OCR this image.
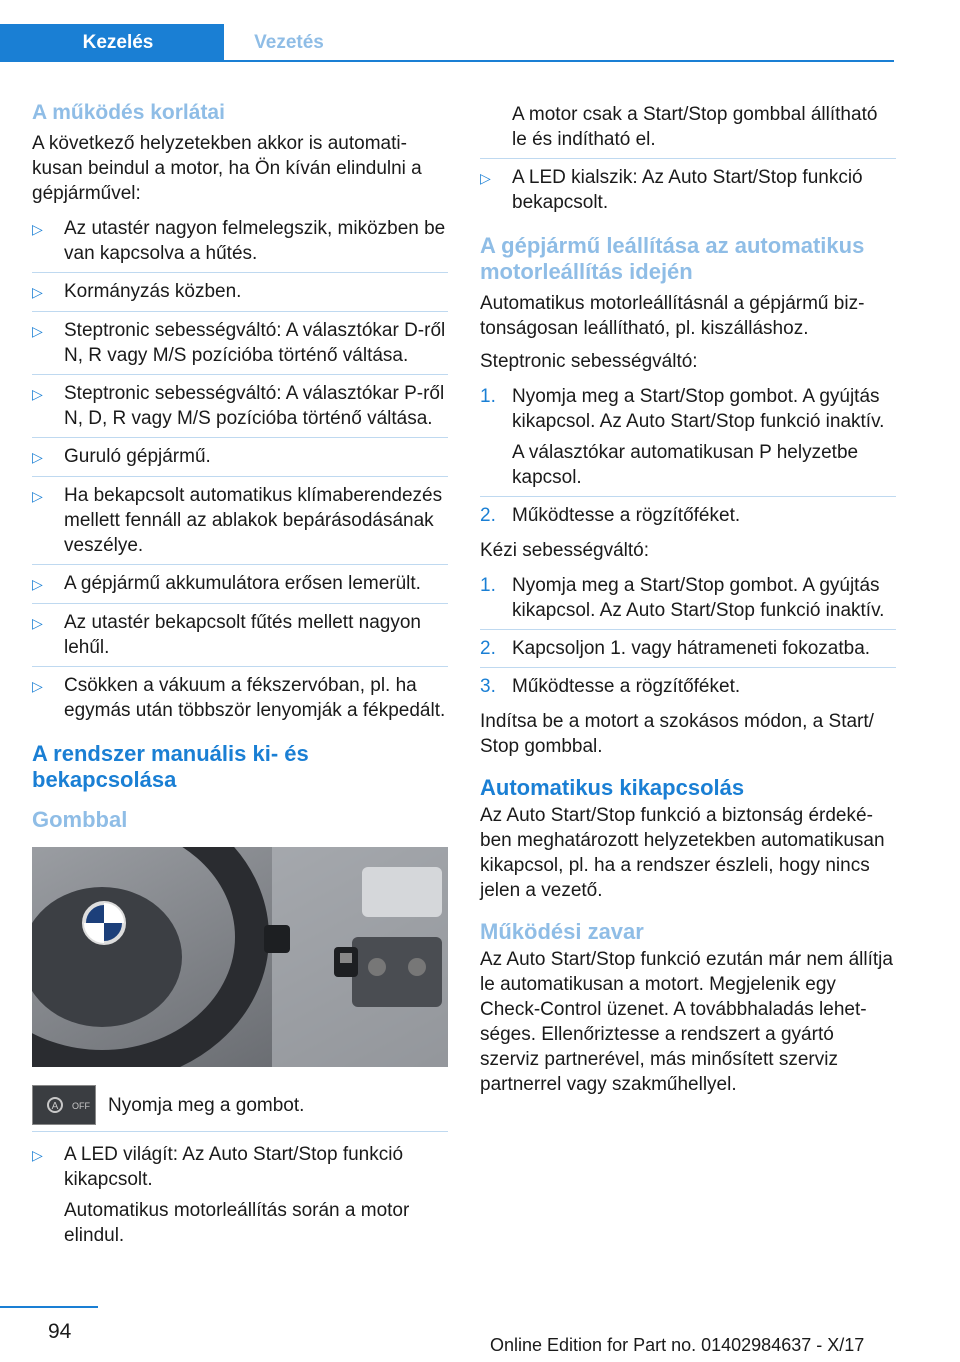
Kezelés	Vezetés
A működés korlátai

A következő helyzetekben akkor is automatikusan beindul a motor, ha Ön kíván elindulni a gépjárművel:

▷	Az utastér nagyon felmelegszik, miközben be van kapcsolva a hűtés.
▷	Kormányzás közben.
▷	Steptronic sebességváltó: A választókar D-ről N, R vagy M/S pozícióba történő váltása.
▷	Steptronic sebességváltó: A választókar P-ről N, D, R vagy M/S pozícióba történő váltása.
▷	Guruló gépjármű.
▷	Ha bekapcsolt automatikus klímaberendezés mellett fennáll az ablakok bepárásodásának veszélye.
▷	A gépjármű akkumulátora erősen lemerült.
▷	Az utastér bekapcsolt fűtés mellett nagyon lehűl.
▷	Csökken a vákuum a fékszervóban, pl. ha egymás után többször lenyomják a fékpedált.
A rendszer manuális ki- és bekapcsolása
Gombbal
A OFF Nyomja meg a gombot.
▷	A LED világít: Az Auto Start/Stop funkció kikapcsolt.

Automatikus motorleállítás során a motor elindul.

A motor csak a Start/Stop gombbal állítható le és indítható el.
▷	A LED kialszik: Az Auto Start/Stop funkció bekapcsolt.
A gépjármű leállítása az automatikus motorleállítás idején

Automatikus motorleállításnál a gépjármű biztonságosan leállítható, pl. kiszálláshoz.

Steptronic sebességváltó:

1. Nyomja meg a Start/Stop gombot. A gyújtás kikapcsol. Az Auto Start/Stop funkció inaktív.

A választókar automatikusan P helyzetbe kapcsol.

2. Működtesse a rögzítőféket.

Kézi sebességváltó:

1. Nyomja meg a Start/Stop gombot. A gyújtás kikapcsol. Az Auto Start/Stop funkció inaktív.
2. Kapcsoljon 1. vagy hátrameneti fokozatba.
3. Működtesse a rögzítőféket.

Indítsa be a motort a szokásos módon, a Start/ Stop gombbal.

Automatikus kikapcsolás

Az Auto Start/Stop funkció a biztonság érdekében meghatározott helyzetekben automatikusan kikapcsol, pl. ha a rendszer észleli, hogy nincs jelen a vezető.

Működési zavar

Az Auto Start/Stop funkció ezután már nem állítja le automatikusan a motort. Megjelenik egy Check-Control üzenet. A továbbhaladás lehetséges. Ellenőriztesse a rendszert a gyártó szerviz partnerével, más minősített szerviz partnerrel vagy szakműhellyel.

94
Online Edition for Part no. 01402984637 - X/17
